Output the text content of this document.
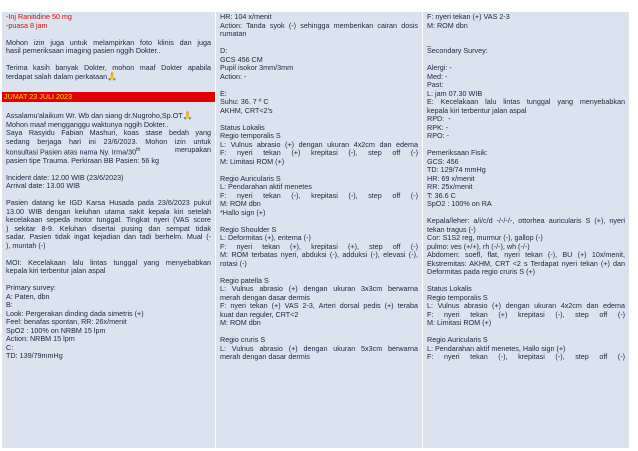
-Inj Ranitidine 50 mg
-puasa 8 jam
Mohon izin juga untuk melampirkan foto klinis dan juga
hasil pemeriksaan imaging pasien nggih Dokter..
Terima kasih banyak Dokter, mohon maaf Dokter apabila
terdapat salah dalam perkataan🙏
JUMAT 23 JULI 2023
Assalamu'alaikum Wr. Wb dan siang dr.Nugroho,Sp.OT🙏
Mohon maaf mengganggu waktunya nggih Dokter..
Saya Rasyidu Fabian Mashuri, koas stase bedah yang
sedang berjaga hari ini 23/6/2023. Mohon izin untuk
konsultasi Pasien atas nama Ny. Irma/30th	merupakan
pasien tipe Trauma. Perkiraan BB Pasien: 56 kg
Incident date: 12.00 WIB (23/6/2023)
Arrival date: 13.00 WIB
Pasien datang ke IGD Karsa Husada pada 23/6/2023 pukul
13.00 WIB dengan keluhan utama sakit kepala kiri setelah
kecelakaan sepeda motor tunggal. Tingkat nyeri (VAS score
) sekitar 8-9. Keluhan disertai pusing dan sempat tidak
sadar. Pasien tidak ingat kejadian dan tadi berhelm. Mual (-
), muntah (-)
MOI: Kecelakaan lalu lintas tunggal yang menyebabkan
kepala kiri terbentur jalan aspal
Primary survey:
A: Paten, dbn
B:
Look: Pergerakan dinding dada simetris (+)
Feel: benafas spontan, RR: 26x/menit
SpO2 : 100% on NRBM 15 lpm
Action: NRBM 15 lpm
C:
TD: 139/79mmHg
HR: 104 x/menit
Action: Tanda syok (-) sehingga memberikan cairan dosis
rumatan
D:
GCS 456 CM
Pupil isokor 3mm/3mm
Action: -
E:
Suhu: 36. 7 º C
AKHM, CRT<2's
Status Lokalis
Regio temporalis S
L: Vulnus abrasio (+) dengan ukuran 4x2cm dan edema
F: nyeri tekan (+) krepitasi (-), step off (-)
M: Limitasi ROM (+)
Regio Auricularis S
L: Pendarahan aktif menetes
F: nyeri tekan (-), krepitasi (-), step off (-)
M: ROM dbn
*Hallo sign (+)
Regio Shoulder S
L: Deformitas (+), eritema (-)
F: nyeri tekan (+), krepitasi (+), step off (-)
M: ROM terbatas nyeri, abduksi (-), adduksi (-), elevasi (-),
rotasi (-)
Regio patella S
L: Vulnus abrasio (+) dengan ukuran 3x3cm berwarna
merah dengan dasar dermis
F: nyeri tekan (+) VAS 2-3, Arteri dorsal pedis (+) teraba
kuat dan reguler, CRT<2
M: ROM dbn
Regio cruris S
L: Vulnus abrasio (+) dengan ukuran 5x3cm berwarna
merah dengan dasar dermis
F: nyeri tekan (+) VAS 2-3
M: ROM dbn
_
Secondary Survey:
Alergi: -
Med: -
Past:
L: jam 07.30 WIB
E: Kecelakaan lalu lintas tunggal yang menyebabkan
kepala kiri terbentur jalan aspal
RPD:  -
RPK: -
RPO: -
Pemeriksaan Fisik:
GCS: 456
TD: 129/74 mmHg
HR: 69 x/menit
RR: 25x/menit
T: 36.6 C
SpO2 : 100% on RA
Kepala/leher: a/i/c/d -/-/-/-, ottorhea auricularis S (+), nyeri
tekan tragus (-)
Cor: S1S2 reg, murmur (-), gallop (-)
pulmo: ves (+/+), rh (-/-), wh (-/-)
Abdomen: soefl, flat, nyeri tekan (-), BU (+) 10x/menit,
Ekstremitas: AKHM, CRT <2 s Terdapat nyeri tekan (+) dan
Deformitas pada regio cruris S (+)
Status Lokalis
Regio temporalis S
L: Vulnus abrasio (+) dengan ukuran 4x2cm dan edema
F: nyeri tekan (+) krepitasi (-), step off (-)
M: Limitasi ROM (+)
Regio Auricularis S
L: Pendarahan aktif menetes, Hallo sign (+)
F: nyeri tekan (-), krepitasi (-), step off (-)
